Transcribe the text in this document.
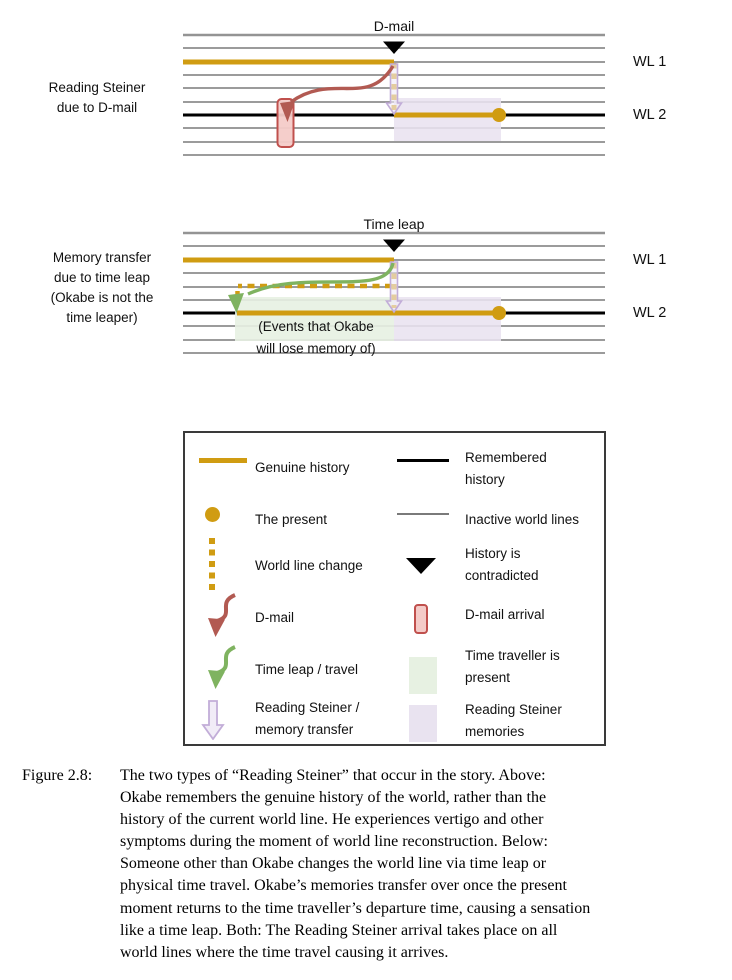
D-mail
Reading Steiner
due to D-mail
WL 1
WL 2
Time leap
Memory transfer
due to time leap
(Okabe is not the
time leaper)
(Events that Okabe
will lose memory of)
WL 1
WL 2
Genuine history
The present
World line change
D-mail
Time leap / travel
Reading Steiner /
memory transfer
Remembered
history
Inactive world lines
History is
contradicted
D-mail arrival
Time traveller is
present
Reading Steiner
memories
Figure 2.8: The two types of “Reading Steiner” that occur in the story. Above:
Okabe remembers the genuine history of the world, rather than the
history of the current world line. He experiences vertigo and other
symptoms during the moment of world line reconstruction. Below:
Someone other than Okabe changes the world line via time leap or
physical time travel. Okabe’s memories transfer over once the present
moment returns to the time traveller’s departure time, causing a sensation
like a time leap. Both: The Reading Steiner arrival takes place on all
world lines where the time travel causing it arrives.
